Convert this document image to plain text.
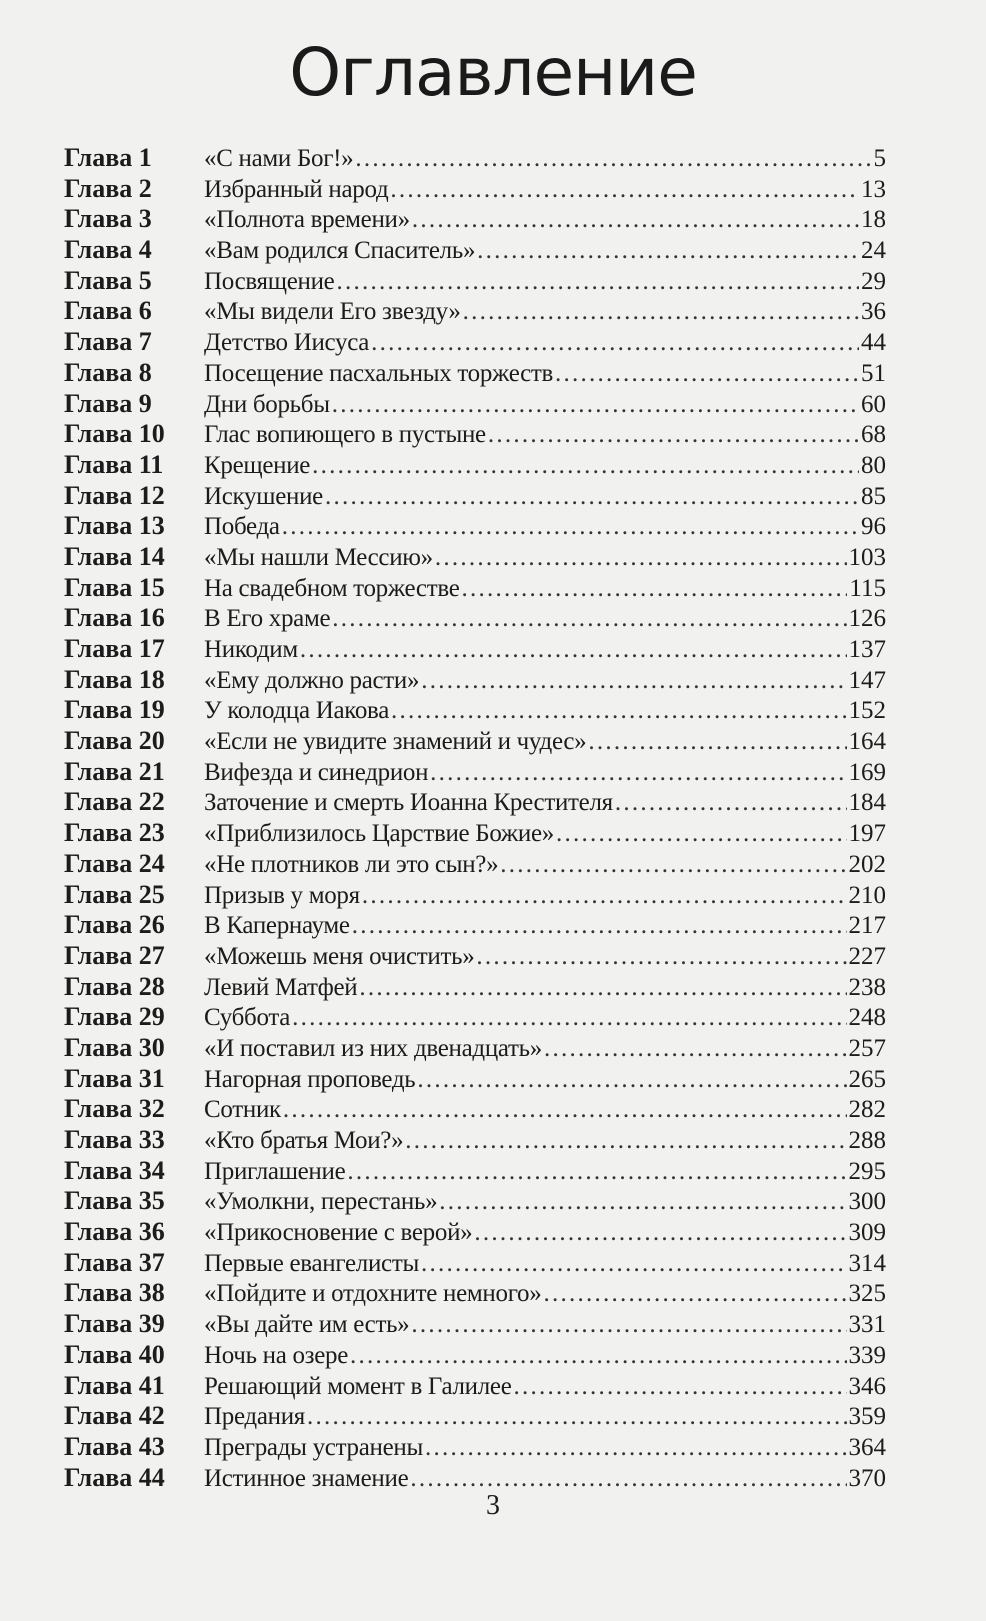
Оглавление
Глава 1	«С нами Бог!» . . .	5
Глава 2	Избранный народ . . .	13
Глава 3	«Полнота времени» . . .	18
Глава 4	«Вам родился Спаситель» . . .	24
Глава 5	Посвящение . . .	29
Глава 6	«Мы видели Его звезду» . . .	36
Глава 7	Детство Иисуса . . .	44
Глава 8	Посещение пасхальных торжеств . . .	51
Глава 9	Дни борьбы . . .	60
Глава 10	Глас вопиющего в пустыне . . .	68
Глава 11	Крещение . . .	80
Глава 12	Искушение . . .	85
Глава 13	Победа . . .	96
Глава 14	«Мы нашли Мессию» . . .	103
Глава 15	На свадебном торжестве . . .	115
Глава 16	В Его храме . . .	126
Глава 17	Никодим . . .	137
Глава 18	«Ему должно расти» . . .	147
Глава 19	У колодца Иакова . . .	152
Глава 20	«Если не увидите знамений и чудес» . . .	164
Глава 21	Вифезда и синедрион . . .	169
Глава 22	Заточение и смерть Иоанна Крестителя . . .	184
Глава 23	«Приблизилось Царствие Божие» . . .	197
Глава 24	«Не плотников ли это сын?» . . .	202
Глава 25	Призыв у моря . . .	210
Глава 26	В Капернауме . . .	217
Глава 27	«Можешь меня очистить» . . .	227
Глава 28	Левий Матфей . . .	238
Глава 29	Суббота . . .	248
Глава 30	«И поставил из них двенадцать» . . .	257
Глава 31	Нагорная проповедь . . .	265
Глава 32	Сотник . . .	282
Глава 33	«Кто братья Мои?» . . .	288
Глава 34	Приглашение . . .	295
Глава 35	«Умолкни, перестань» . . .	300
Глава 36	«Прикосновение с верой» . . .	309
Глава 37	Первые евангелисты . . .	314
Глава 38	«Пойдите и отдохните немного» . . .	325
Глава 39	«Вы дайте им есть» . . .	331
Глава 40	Ночь на озере . . .	339
Глава 41	Решающий момент в Галилее . . .	346
Глава 42	Предания . . .	359
Глава 43	Преграды устранены . . .	364
Глава 44	Истинное знамение . . .	370
3
